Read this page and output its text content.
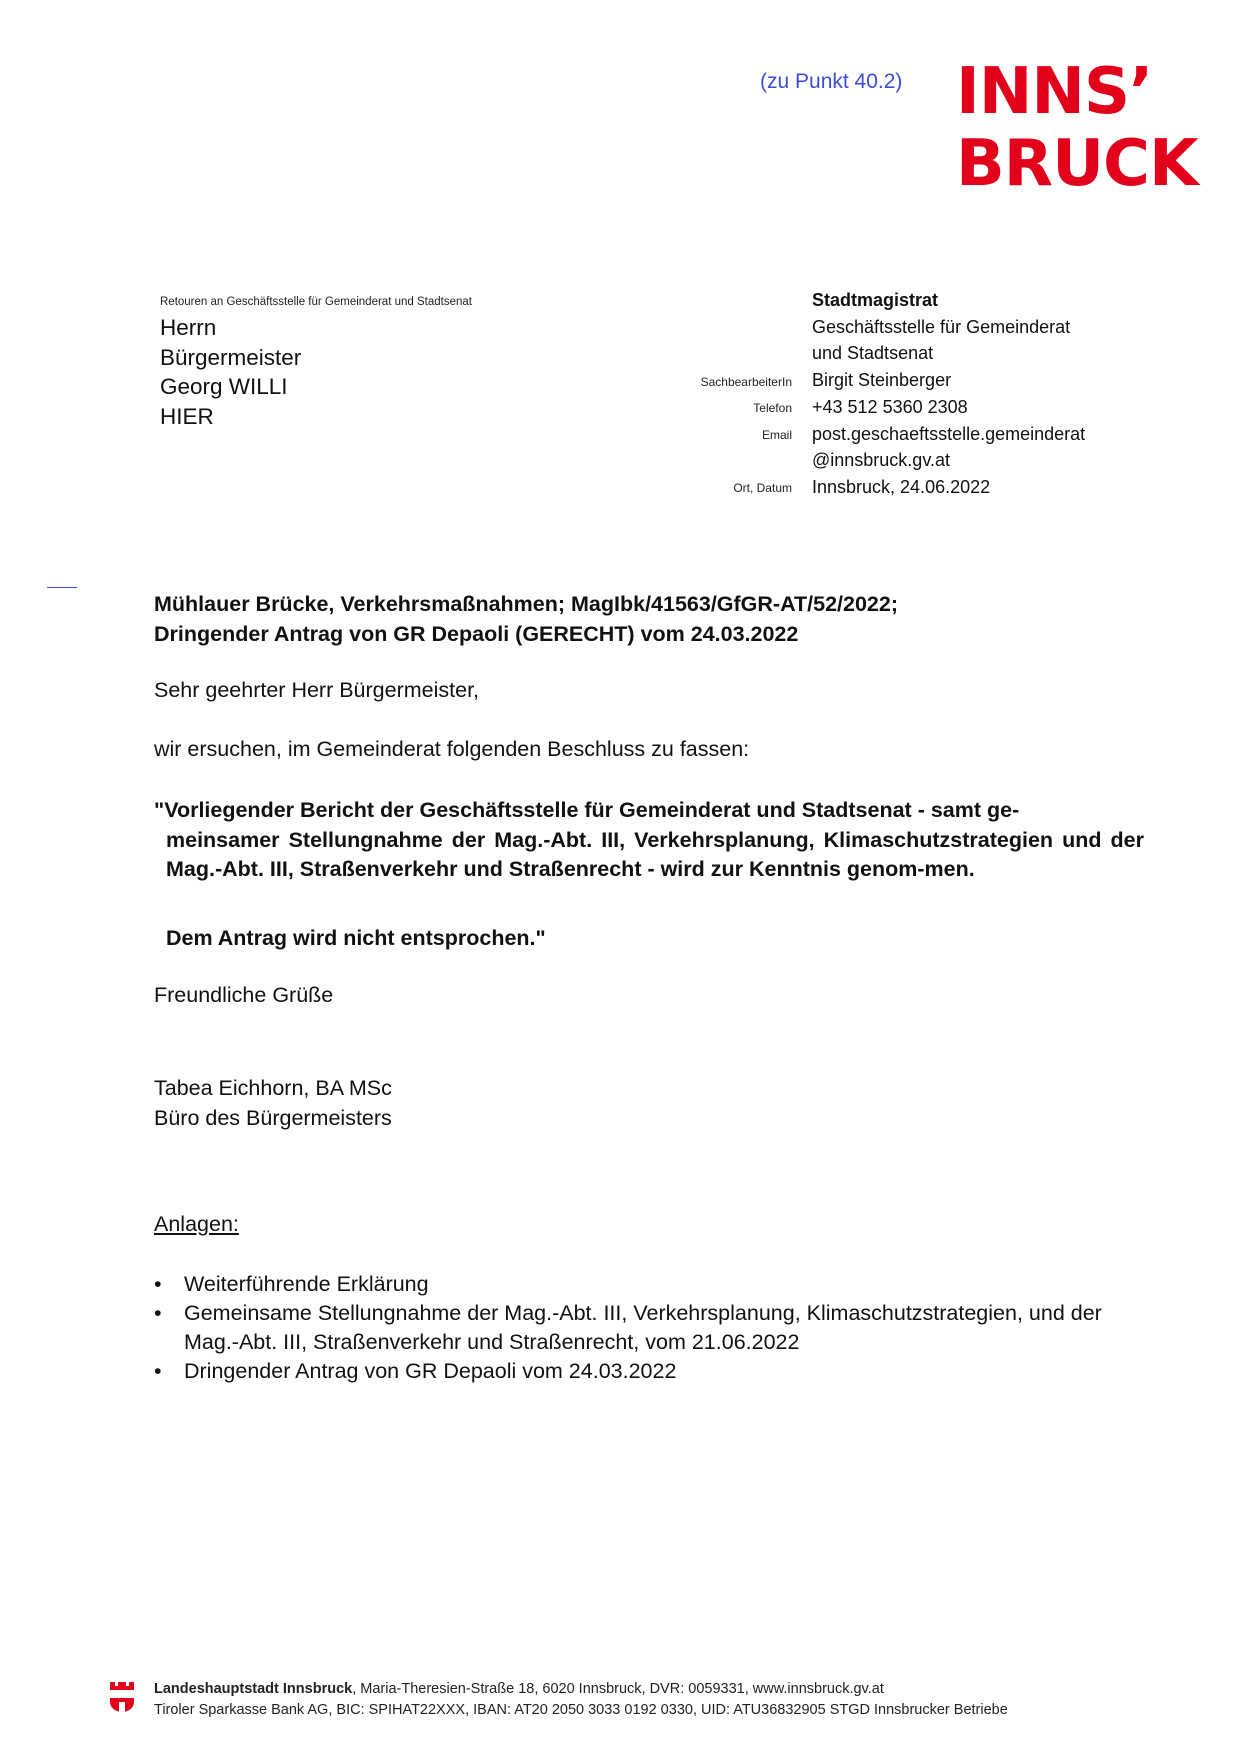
(zu Punkt 40.2) INNS’
BRUCK
Retouren an Geschäftsstelle für Gemeinderat und Stadtsenat
Herrn
Bürgermeister
Georg WILLI
HIER
SachbearbeiterIn
Telefon
Email
Ort, Datum
Stadtmagistrat
Geschäftsstelle für Gemeinderat
und Stadtsenat
Birgit Steinberger
+43 512 5360 2308
post.geschaeftsstelle.gemeinderat
@innsbruck.gv.at
Innsbruck, 24.06.2022
Mühlauer Brücke, Verkehrsmaßnahmen; MagIbk/41563/GfGR-AT/52/2022;
Dringender Antrag von GR Depaoli (GERECHT) vom 24.03.2022
Sehr geehrter Herr Bürgermeister,
wir ersuchen, im Gemeinderat folgenden Beschluss zu fassen:
"Vorliegender Bericht der Geschäftsstelle für Gemeinderat und Stadtsenat - samt ge-
meinsamer Stellungnahme der Mag.-Abt. III, Verkehrsplanung, Klimaschutzstrategien und der Mag.-Abt. III, Straßenverkehr und Straßenrecht - wird zur Kenntnis genom-men.
Dem Antrag wird nicht entsprochen."
Freundliche Grüße
Tabea Eichhorn, BA MSc
Büro des Bürgermeisters
Anlagen:
• Weiterführende Erklärung
• Gemeinsame Stellungnahme der Mag.-Abt. III, Verkehrsplanung, Klimaschutzstrategien, und der Mag.-Abt. III, Straßenverkehr und Straßenrecht, vom 21.06.2022
• Dringender Antrag von GR Depaoli vom 24.03.2022
Landeshauptstadt Innsbruck, Maria-Theresien-Straße 18, 6020 Innsbruck, DVR: 0059331, www.innsbruck.gv.at
Tiroler Sparkasse Bank AG, BIC: SPIHAT22XXX, IBAN: AT20 2050 3033 0192 0330, UID: ATU36832905 STGD Innsbrucker Betriebe
